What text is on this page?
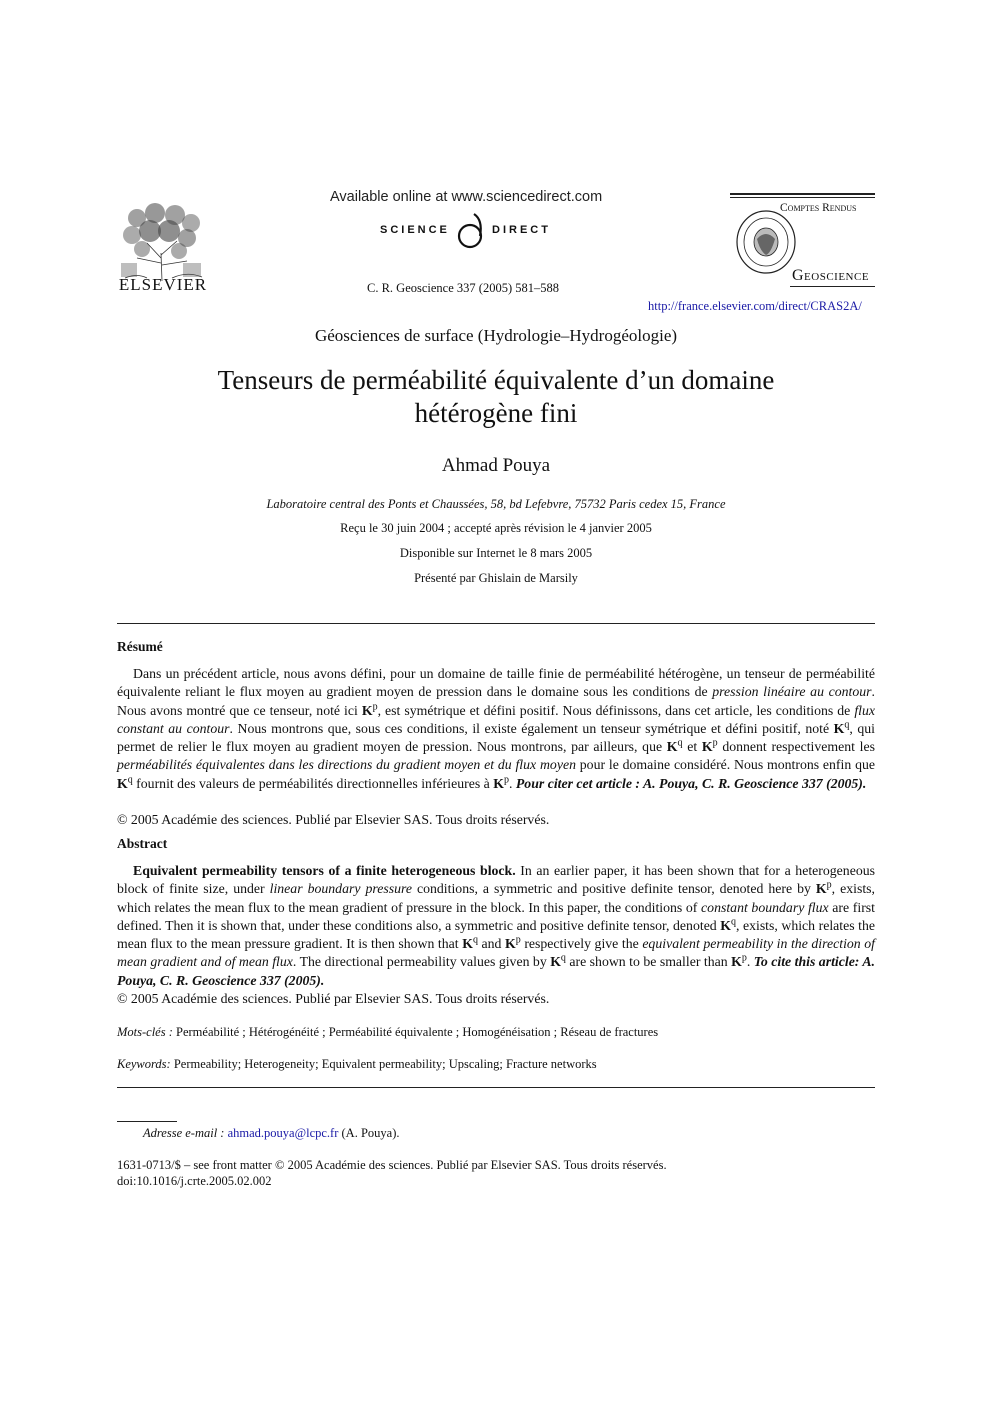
ELSEVIER
Available online at www.sciencedirect.com
SCIENCE	DIRECT
C. R. Geoscience 337 (2005) 581–588
Comptes Rendus
Geoscience
http://france.elsevier.com/direct/CRAS2A/
Géosciences de surface (Hydrologie–Hydrogéologie)
Tenseurs de perméabilité équivalente d’un domaine
hétérogène fini
Ahmad Pouya
Laboratoire central des Ponts et Chaussées, 58, bd Lefebvre, 75732 Paris cedex 15, France
Reçu le 30 juin 2004 ; accepté après révision le 4 janvier 2005
Disponible sur Internet le 8 mars 2005
Présenté par Ghislain de Marsily
Résumé
Dans un précédent article, nous avons défini, pour un domaine de taille finie de perméabilité hétérogène, un tenseur de perméabilité équivalente reliant le flux moyen au gradient moyen de pression dans le domaine sous les conditions de pression linéaire au contour. Nous avons montré que ce tenseur, noté ici $K^p$, est symétrique et défini positif. Nous définissons, dans cet article, les conditions de flux constant au contour. Nous montrons que, sous ces conditions, il existe également un tenseur symétrique et défini positif, noté $K^q$, qui permet de relier le flux moyen au gradient moyen de pression. Nous montrons, par ailleurs, que $K^q$ et $K^p$ donnent respectivement les perméabilités équivalentes dans les directions du gradient moyen et du flux moyen pour le domaine considéré. Nous montrons enfin que $K^q$ fournit des valeurs de perméabilités directionnelles inférieures à $K^p$. Pour citer cet article : A. Pouya, C. R. Geoscience 337 (2005).
© 2005 Académie des sciences. Publié par Elsevier SAS. Tous droits réservés.
Abstract
Equivalent permeability tensors of a finite heterogeneous block. In an earlier paper, it has been shown that for a heterogeneous block of finite size, under linear boundary pressure conditions, a symmetric and positive definite tensor, denoted here by $K^p$, exists, which relates the mean flux to the mean gradient of pressure in the block. In this paper, the conditions of constant boundary flux are first defined. Then it is shown that, under these conditions also, a symmetric and positive definite tensor, denoted $K^q$, exists, which relates the mean flux to the mean pressure gradient. It is then shown that $K^q$ and $K^p$ respectively give the equivalent permeability in the direction of mean gradient and of mean flux. The directional permeability values given by $K^q$ are shown to be smaller than $K^p$. To cite this article: A. Pouya, C. R. Geoscience 337 (2005).
© 2005 Académie des sciences. Publié par Elsevier SAS. Tous droits réservés.
Mots-clés : Perméabilité ; Hétérogénéité ; Perméabilité équivalente ; Homogénéisation ; Réseau de fractures
Keywords: Permeability; Heterogeneity; Equivalent permeability; Upscaling; Fracture networks
Adresse e-mail : ahmad.pouya@lcpc.fr (A. Pouya).
1631-0713/$ – see front matter © 2005 Académie des sciences. Publié par Elsevier SAS. Tous droits réservés.
doi:10.1016/j.crte.2005.02.002
